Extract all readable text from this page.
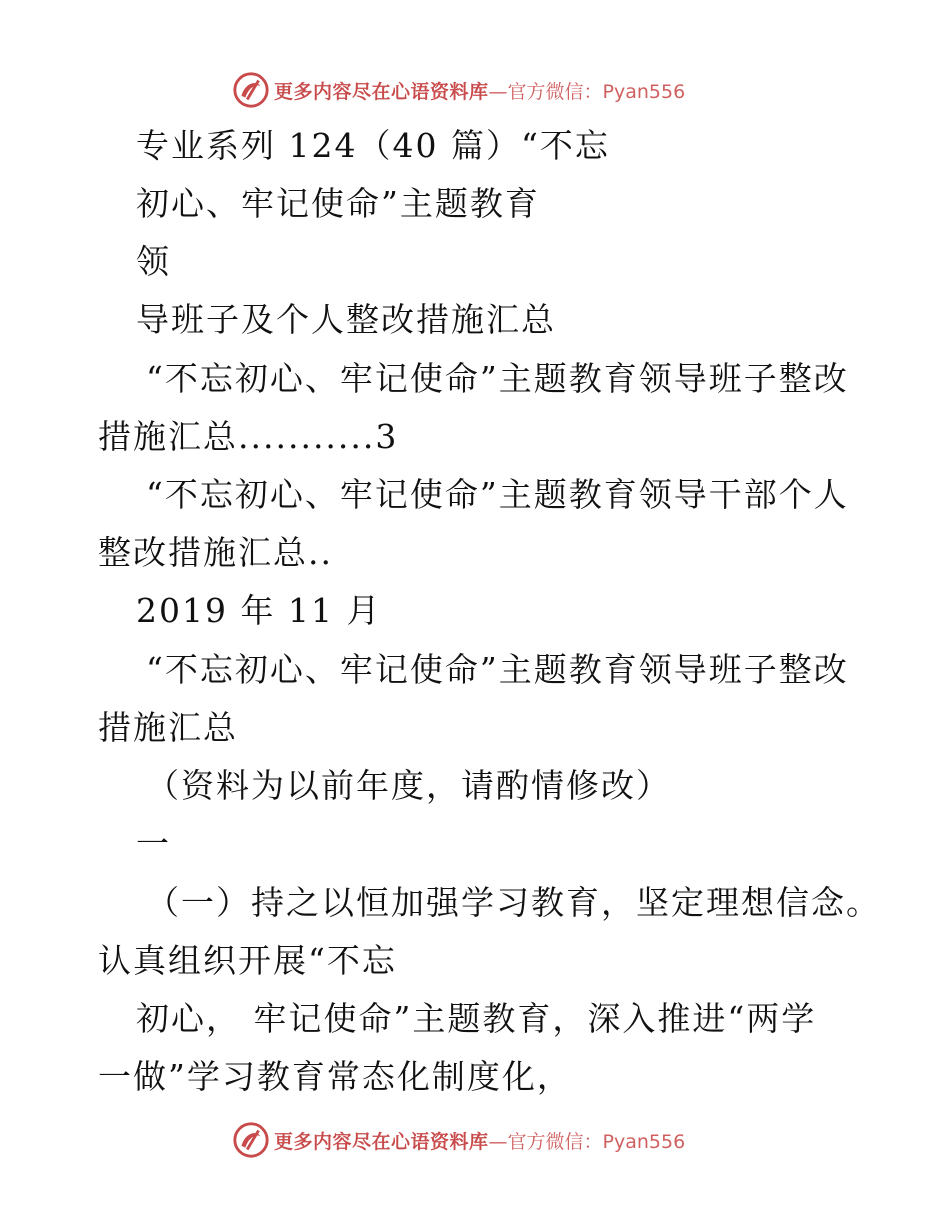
更多内容尽在心语资料库 —官方微信：Pyan556
专业系列 124（40 篇）“不忘
初心、牢记使命”主题教育
领
导班子及个人整改措施汇总
“不忘初心、牢记使命”主题教育领导班子整改
措施汇总...........3
“不忘初心、牢记使命”主题教育领导干部个人
整改措施汇总..
2019 年 11 月
“不忘初心、牢记使命”主题教育领导班子整改
措施汇总
（资料为以前年度，请酌情修改）
一
（一）持之以恒加强学习教育，坚定理想信念。
认真组织开展“不忘
初心， 牢记使命”主题教育，深入推进“两学
一做”学习教育常态化制度化，
更多内容尽在心语资料库 —官方微信：Pyan556
